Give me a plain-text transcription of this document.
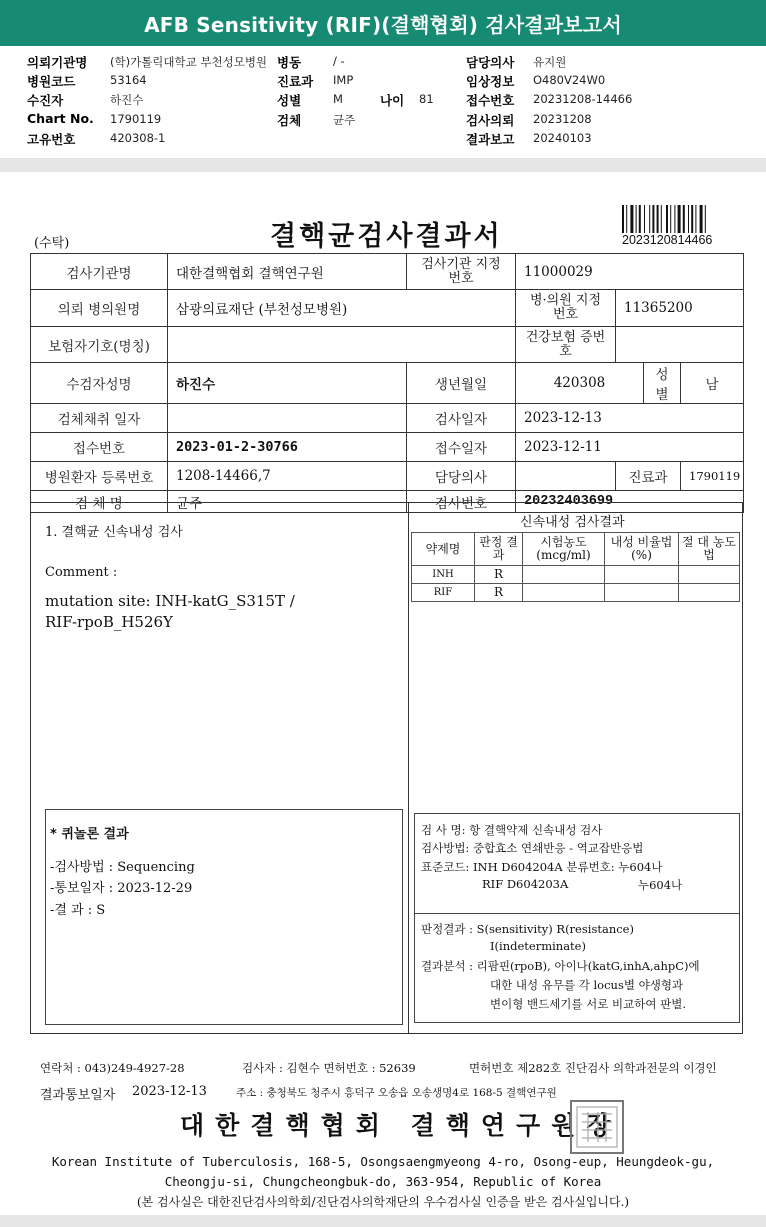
AFB Sensitivity (RIF)(결핵협회) 검사결과보고서
의뢰기관명 (학)가톨릭대학교 부천성모병원 병동	/ -	담당의사 유지원
병원코드	53164	진료과 IMP	임상정보 O480V24W0
수진자	하진수	성별	M	나이 81	접수번호 20231208-14466
Chart No. 1790119	검체	균주	검사의뢰 20231208
고유번호	420308-1	결과보고 20240103
(수탁)	결핵균검사결과서	2023120814466
검사기관명	대한결핵협회 결핵연구원	검사기관 지정번호	11000029			
의뢰 병의원명	삼광의료재단 (부천성모병원)		병·의원 지정번호	11365200		
보험자기호(명칭)			건강보험 증번호			
수검자성명	하진수	생년월일	420308		성별	남
검체채취 일자		검사일자	2023-12-13			
접수번호	2023-01-2-30766	접수일자	2023-12-11			
병원환자 등록번호	1208-14466,7	담당의사		진료과		1790119
검 체 명	균주	검사번호	20232403699			
1. 결핵균 신속내성 검사
Comment :
mutation site: INH-katG_S315T /
RIF-rpoB_H526Y
* 퀴놀론 결과
-검사방법 : Sequencing
-통보일자 : 2023-12-29
-결 과 : S
신속내성 검사결과
약제명	판정 결과	시험농도 (mcg/ml)	내성 비율법(%)	절 대 농도법
INH	R			
RIF	R			
검 사 명: 항 결핵약제 신속내성 검사
검사방법: 중합효소 연쇄반응 - 역교잡반응법
표준코드: INH D604204A 분류번호: 누604나
RIF D604203A	누604나
판정결과 : S(sensitivity) R(resistance)
I(indeterminate)
결과분석 : 리팜핀(rpoB), 아이나(katG,inhA,ahpC)에
대한 내성 유무를 각 locus별 야생형과
변이형 밴드세기를 서로 비교하여 판별.
연락처 : 043)249-4927-28	검사자 : 김현수 면허번호 : 52639	면허번호 제282호 진단검사 의학과전문의 이경인
결과통보일자 2023-12-13	주소 : 충청북도 청주시 흥덕구 오송읍 오송생명4로 168-5 결핵연구원
대한결핵협회 결핵연구원장
Korean Institute of Tuberculosis, 168-5, Osongsaengmyeong 4-ro, Osong-eup, Heungdeok-gu,
Cheongju-si, Chungcheongbuk-do, 363-954, Republic of Korea
(본 검사실은 대한진단검사의학회/진단검사의학재단의 우수검사실 인증을 받은 검사실입니다.)
